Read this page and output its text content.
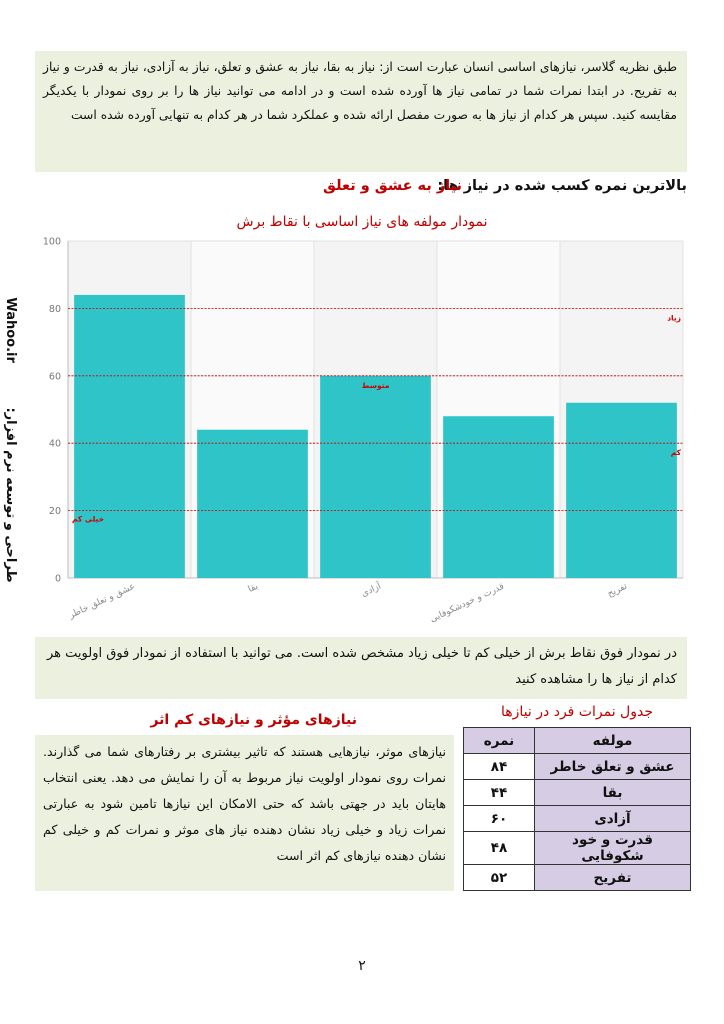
طبق نظریه گلاسر، نیازهای اساسی انسان عبارت است از: نیاز به بقا، نیاز به عشق و تعلق، نیاز به آزادی، نیاز به قدرت و نیاز به تفریح. در ابتدا نمرات شما در تمامی نیاز ها آورده شده است و در ادامه می توانید نیاز ها را بر روی نمودار با یکدیگر مقایسه کنید. سپس هر کدام از نیاز ها به صورت مفصل ارائه شده و عملکرد شما در هر کدام به تنهایی آورده شده است
بالاترین نمره کسب شده در نیاز ها:
نیاز به عشق و تعلق
نمودار مولفه های نیاز اساسی با نقاط برش
0
20
40
60
80
100
خیلی کم
کم
متوسط
زیاد
عشق و تعلق خاطر	بقا	آزادی	قدرت و خودشکوفایی	تفریح
طراحی و توسعه نرم افزار: Wahoo.ir
در نمودار فوق نقاط برش از خیلی کم تا خیلی زیاد مشخص شده است. می توانید با استفاده از نمودار فوق اولویت هر کدام از نیاز ها را مشاهده کنید
نیازهای مؤثر و نیازهای کم اثر
نیازهای موثر، نیازهایی هستند که تاثیر بیشتری بر رفتارهای شما می گذارند. نمرات روی نمودار اولویت نیاز مربوط به آن را نمایش می دهد. یعنی انتخاب هایتان باید در جهتی باشد که حتی الامکان این نیازها تامین شود به عبارتی نمرات زیاد و خیلی زیاد نشان دهنده نیاز های موثر و نمرات کم و خیلی کم نشان دهنده نیازهای کم اثر است
جدول نمرات فرد در نیازها
مولفه	نمره
عشق و تعلق خاطر	۸۴
بقا	۴۴
آزادی	۶۰
قدرت و خود شکوفایی	۴۸
تفریح	۵۲
۲
